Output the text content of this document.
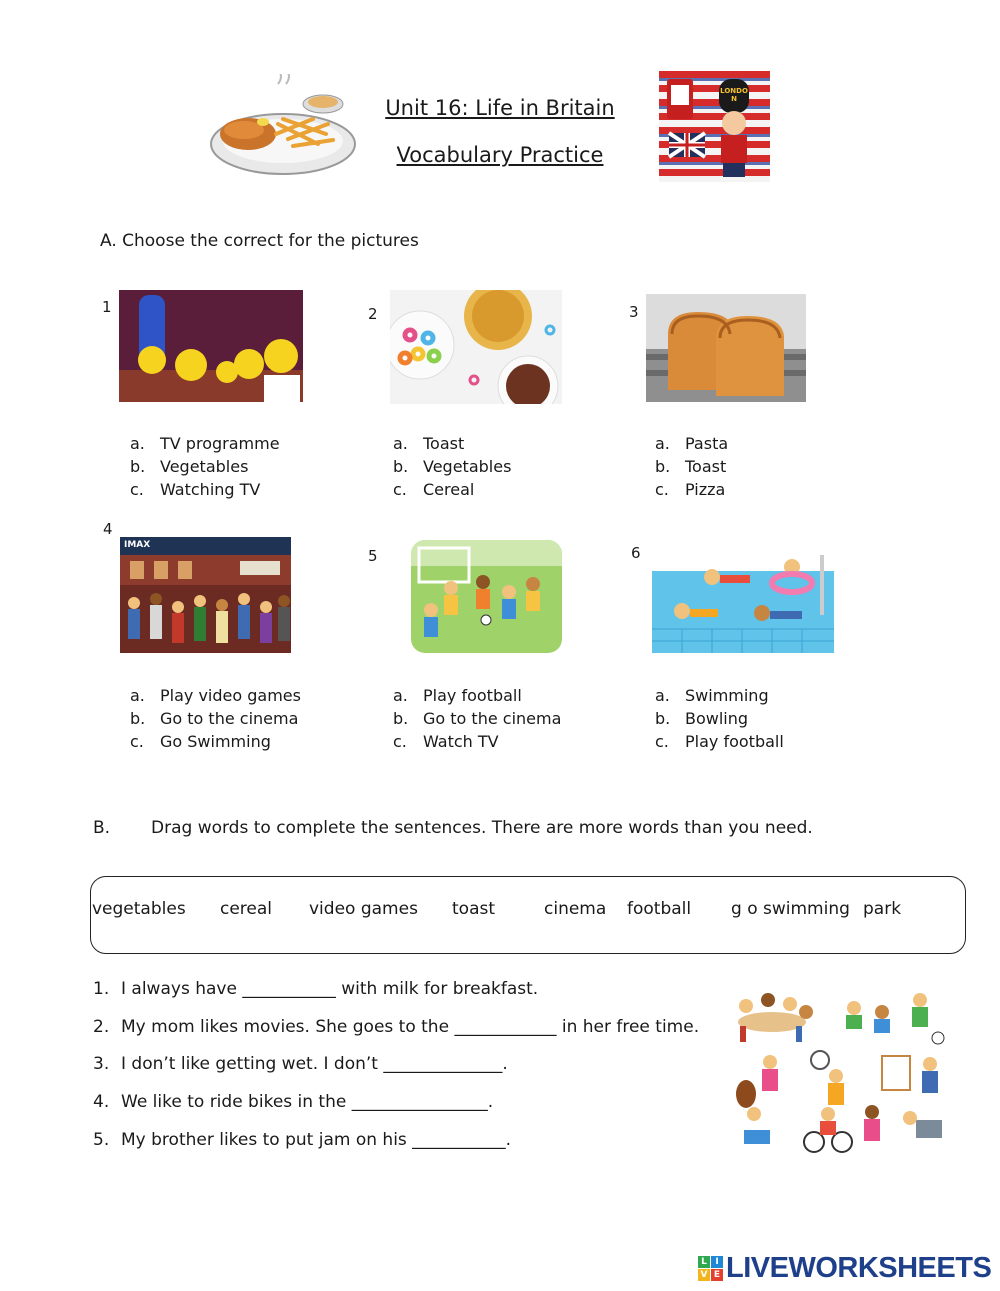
Unit 16: Life in Britain
Vocabulary Practice
LONDON
A. Choose the correct for the pictures
1
a. TV programme
b. Vegetables
c.	Watching TV
2
a. Toast
b. Vegetables
c.	Cereal
3
a. Pasta
b. Toast
c.	Pizza
4
IMAX
a. Play video games
b. Go to the cinema
c.	Go Swimming
5
a. Play football
b. Go to the cinema
c.	Watch TV
6
a. Swimming
b. Bowling
c.	Play football
B. Drag words to complete the sentences. There are more words than you need.
vegetables cereal video games toast	cinema football g o swimming park
1. I always have ___________ with milk for breakfast.
2. My mom likes movies. She goes to the ____________ in her free time.
3. I don’t like getting wet. I don’t ______________.
4. We like to ride bikes in the ________________.
5. My brother likes to put jam on his ___________.
L I
V E LIVEWORKSHEETS
